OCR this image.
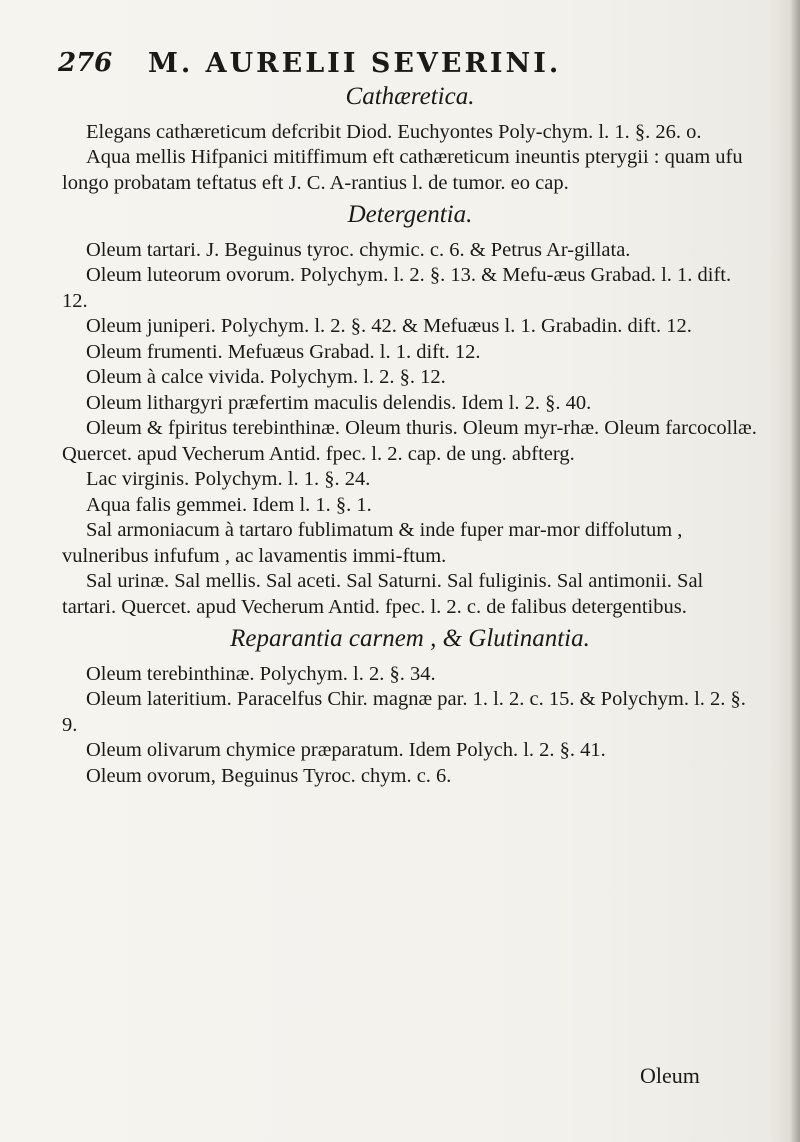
276 M. AURELII SEVERINI.
Cathæretica.

Elegans cathæreticum defcribit Diod. Euchyontes Poly-chym. l. 1. §. 26. o.

Aqua mellis Hifpanici mitiffimum eft cathæreticum ineuntis pterygii : quam ufu longo probatam teftatus eft J. C. A-rantius l. de tumor. eo cap.

Detergentia.

Oleum tartari. J. Beguinus tyroc. chymic. c. 6. & Petrus Ar-gillata.

Oleum luteorum ovorum. Polychym. l. 2. §. 13. & Mefu-æus Grabad. l. 1. dift. 12.

Oleum juniperi. Polychym. l. 2. §. 42. & Mefuæus l. 1. Grabadin. dift. 12.

Oleum frumenti. Mefuæus Grabad. l. 1. dift. 12.

Oleum à calce vivida. Polychym. l. 2. §. 12.

Oleum lithargyri præfertim maculis delendis. Idem l. 2. §. 40.

Oleum & fpiritus terebinthinæ. Oleum thuris. Oleum myr-rhæ. Oleum farcocollæ. Quercet. apud Vecherum Antid. fpec. l. 2. cap. de ung. abfterg.

Lac virginis. Polychym. l. 1. §. 24.

Aqua falis gemmei. Idem l. 1. §. 1.

Sal armoniacum à tartaro fublimatum & inde fuper mar-mor diffolutum , vulneribus infufum , ac lavamentis immi-ftum.

Sal urinæ. Sal mellis. Sal aceti. Sal Saturni. Sal fuliginis. Sal antimonii. Sal tartari. Quercet. apud Vecherum Antid. fpec. l. 2. c. de falibus detergentibus.

Reparantia carnem , & Glutinantia.

Oleum terebinthinæ. Polychym. l. 2. §. 34.

Oleum lateritium. Paracelfus Chir. magnæ par. 1. l. 2. c. 15. & Polychym. l. 2. §. 9.

Oleum olivarum chymice præparatum. Idem Polych. l. 2. §. 41.

Oleum ovorum, Beguinus Tyroc. chym. c. 6.

Oleum
